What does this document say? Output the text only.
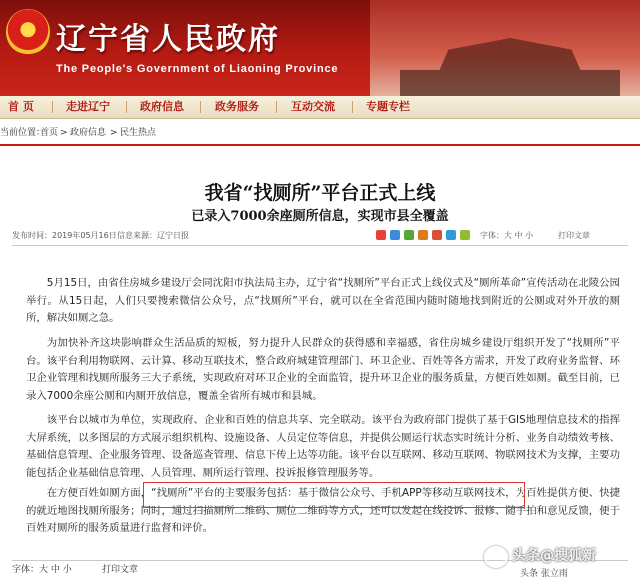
★ 辽宁省人民政府
The People's Government of Liaoning Province
首 页	走进辽宁	政府信息	政务服务	互动交流	专题专栏
当前位置：
首页 > 政府信息 > 民生热点
我省“找厕所”平台正式上线
已录入7000余座厕所信息，实现市县全覆盖
发布时间：2019年05月16日 信息来源：辽宁日报	字体：大 中 小	打印文章

5月15日，由省住房城乡建设厅会同沈阳市执法局主办，辽宁省“找厕所”平台正式上线仪式及“厕所革命”宣传活动在北陵公园举行。从15日起，人们只要搜索微信公众号，点“找厕所”平台，就可以在全省范围内随时随地找到附近的公厕或对外开放的厕所，解决如厕之急。

为加快补齐这块影响群众生活品质的短板，努力提升人民群众的获得感和幸福感，省住房城乡建设厅组织开发了“找厕所”平台。该平台利用物联网、云计算、移动互联技术，整合政府城建管理部门、环卫企业、百姓等各方需求，开发了政府业务监督、环卫企业管理和找厕所服务三大子系统，实现政府对环卫企业的全面监管，提升环卫企业的服务质量，方便百姓如厕。截至目前，已录入7000余座公厕和内厕开放信息，覆盖全省所有城市和县城。

该平台以城市为单位，实现政府、企业和百姓的信息共享、完全联动。该平台为政府部门提供了基于GIS地理信息技术的指挥大屏系统，以多图层的方式展示组织机构、设施设备、人员定位等信息，并提供公厕运行状态实时统计分析、业务自动绩效考核、基础信息管理、企业服务管理、设备巡查管理、信息下传上达等功能。该平台以互联网、移动互联网、物联网技术为支撑，主要功能包括企业基础信息管理、人员管理、厕所运行管理、投诉报修管理服务等。

在方便百姓如厕方面，“找厕所”平台的主要服务包括：基于微信公众号、手机APP等移动互联网技术，为百姓提供方便、快捷的就近地图找厕所服务；同时，通过扫描厕所二维码、厕位二维码等方式，还可以发起在线投诉、报修、随手拍和意见反馈，便于百姓对厕所的服务质量进行监督和评价。

字体：大 中 小	打印文章
头条@搜狐新
头条 张立雨
